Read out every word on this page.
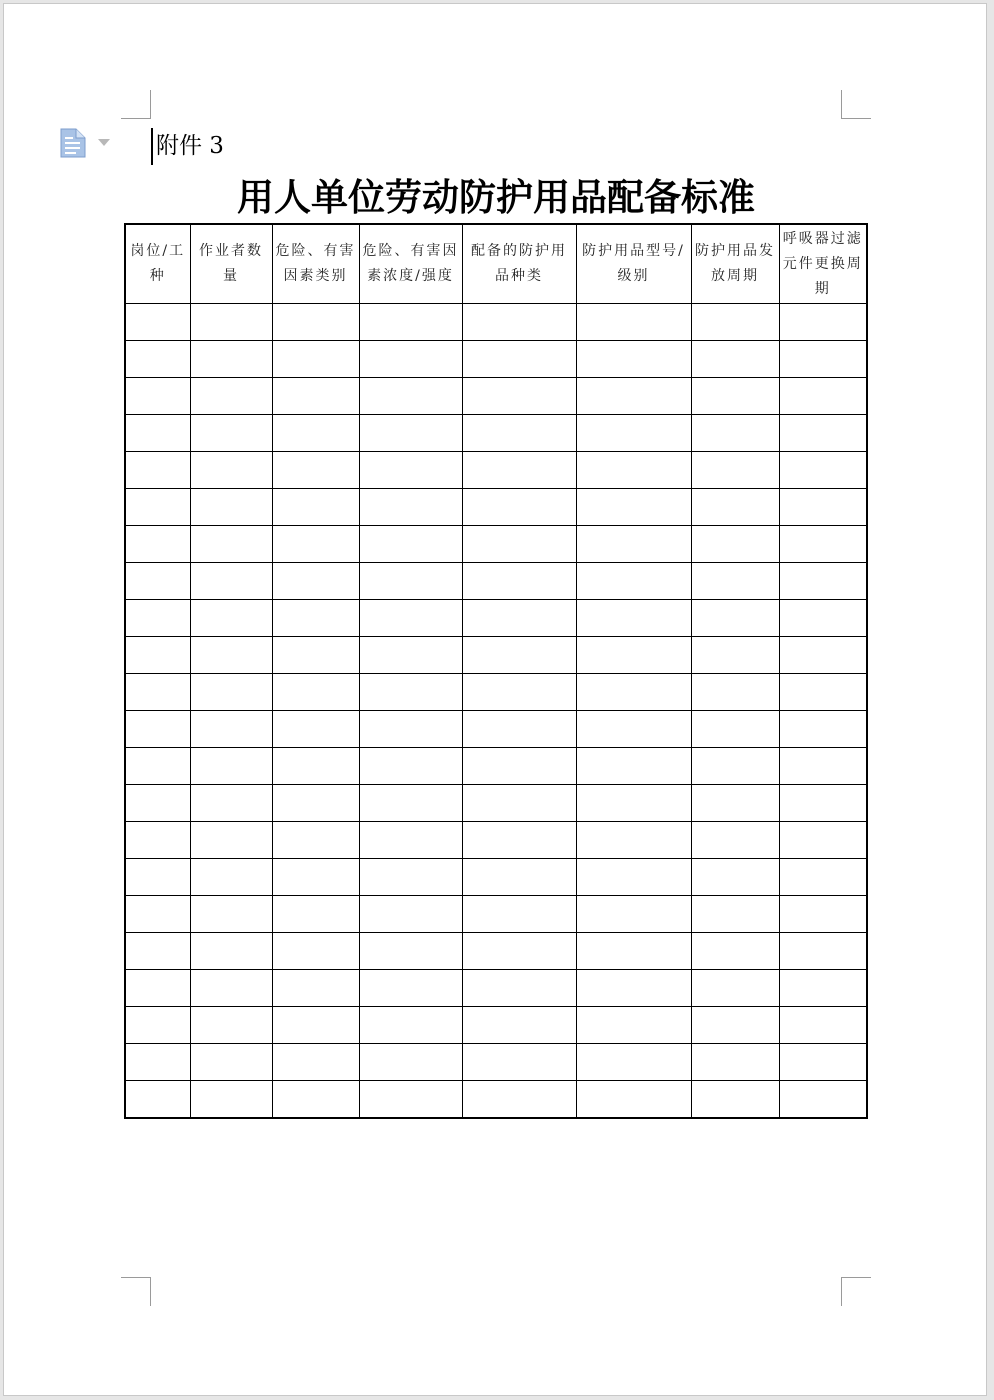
附件 3
用人单位劳动防护用品配备标准
岗位/工种	作业者数量	危险、有害因素类别	危险、有害因素浓度/强度	配备的防护用品种类	防护用品型号/级别	防护用品发放周期	呼吸器过滤元件更换周期
